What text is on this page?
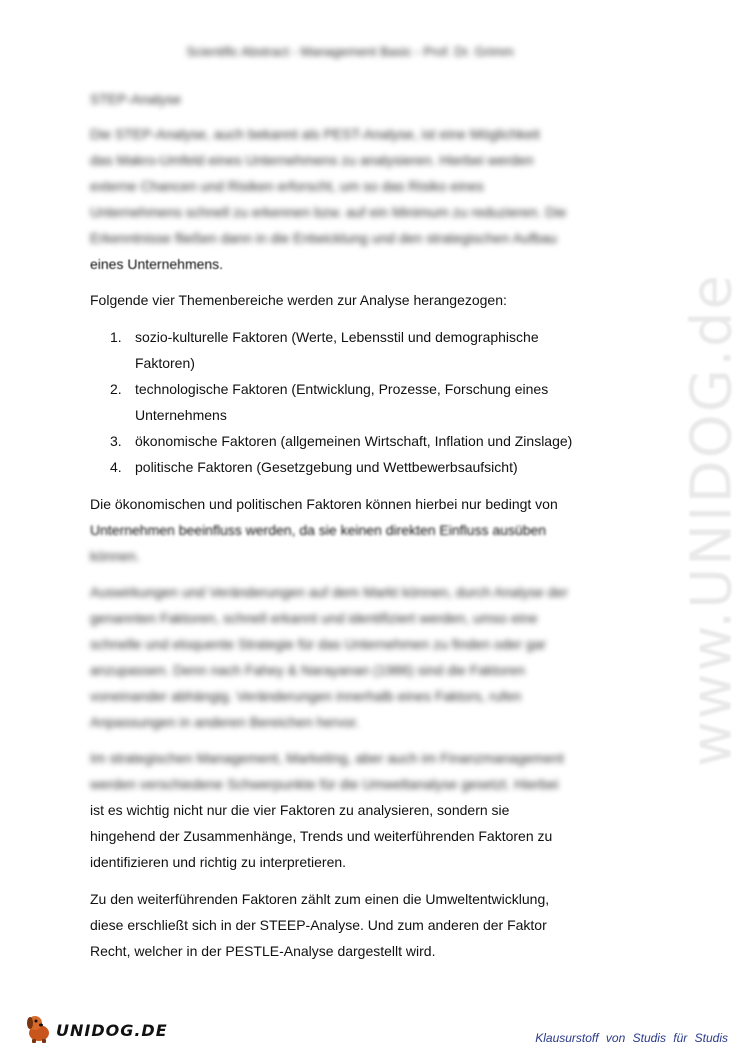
Scientific Abstract - Management Basic - Prof. Dr. Grimm
STEP-Analyse

Die STEP-Analyse, auch bekannt als PEST-Analyse, ist eine Möglichkeit
das Makro-Umfeld eines Unternehmens zu analysieren. Hierbei werden
externe Chancen und Risiken erforscht, um so das Risiko eines
Unternehmens schnell zu erkennen bzw. auf ein Minimum zu reduzieren. Die
Erkenntnisse fließen dann in die Entwicklung und den strategischen Aufbau
eines Unternehmens.

Folgende vier Themenbereiche werden zur Analyse herangezogen:

1. sozio-kulturelle Faktoren (Werte, Lebensstil und demographische
Faktoren)
2. technologische Faktoren (Entwicklung, Prozesse, Forschung eines
Unternehmens
3. ökonomische Faktoren (allgemeinen Wirtschaft, Inflation und Zinslage)
4. politische Faktoren (Gesetzgebung und Wettbewerbsaufsicht)

Die ökonomischen und politischen Faktoren können hierbei nur bedingt von
Unternehmen beeinfluss werden, da sie keinen direkten Einfluss ausüben
können.

Auswirkungen und Veränderungen auf dem Markt können, durch Analyse der
genannten Faktoren, schnell erkannt und identifiziert werden, umso eine
schnelle und eloquente Strategie für das Unternehmen zu finden oder gar
anzupassen. Denn nach Fahey & Narayanan (1986) sind die Faktoren
voneinander abhängig. Veränderungen innerhalb eines Faktors, rufen
Anpassungen in anderen Bereichen hervor.

Im strategischen Management, Marketing, aber auch im Finanzmanagement
werden verschiedene Schwerpunkte für die Umweltanalyse gesetzt. Hierbei
ist es wichtig nicht nur die vier Faktoren zu analysieren, sondern sie
hingehend der Zusammenhänge, Trends und weiterführenden Faktoren zu
identifizieren und richtig zu interpretieren.

Zu den weiterführenden Faktoren zählt zum einen die Umweltentwicklung,
diese erschließt sich in der STEEP-Analyse. Und zum anderen der Faktor
Recht, welcher in der PESTLE-Analyse dargestellt wird.

www.UNIDOG.de
UNIDOG.DE	Klausurstoff von Studis für Studis
